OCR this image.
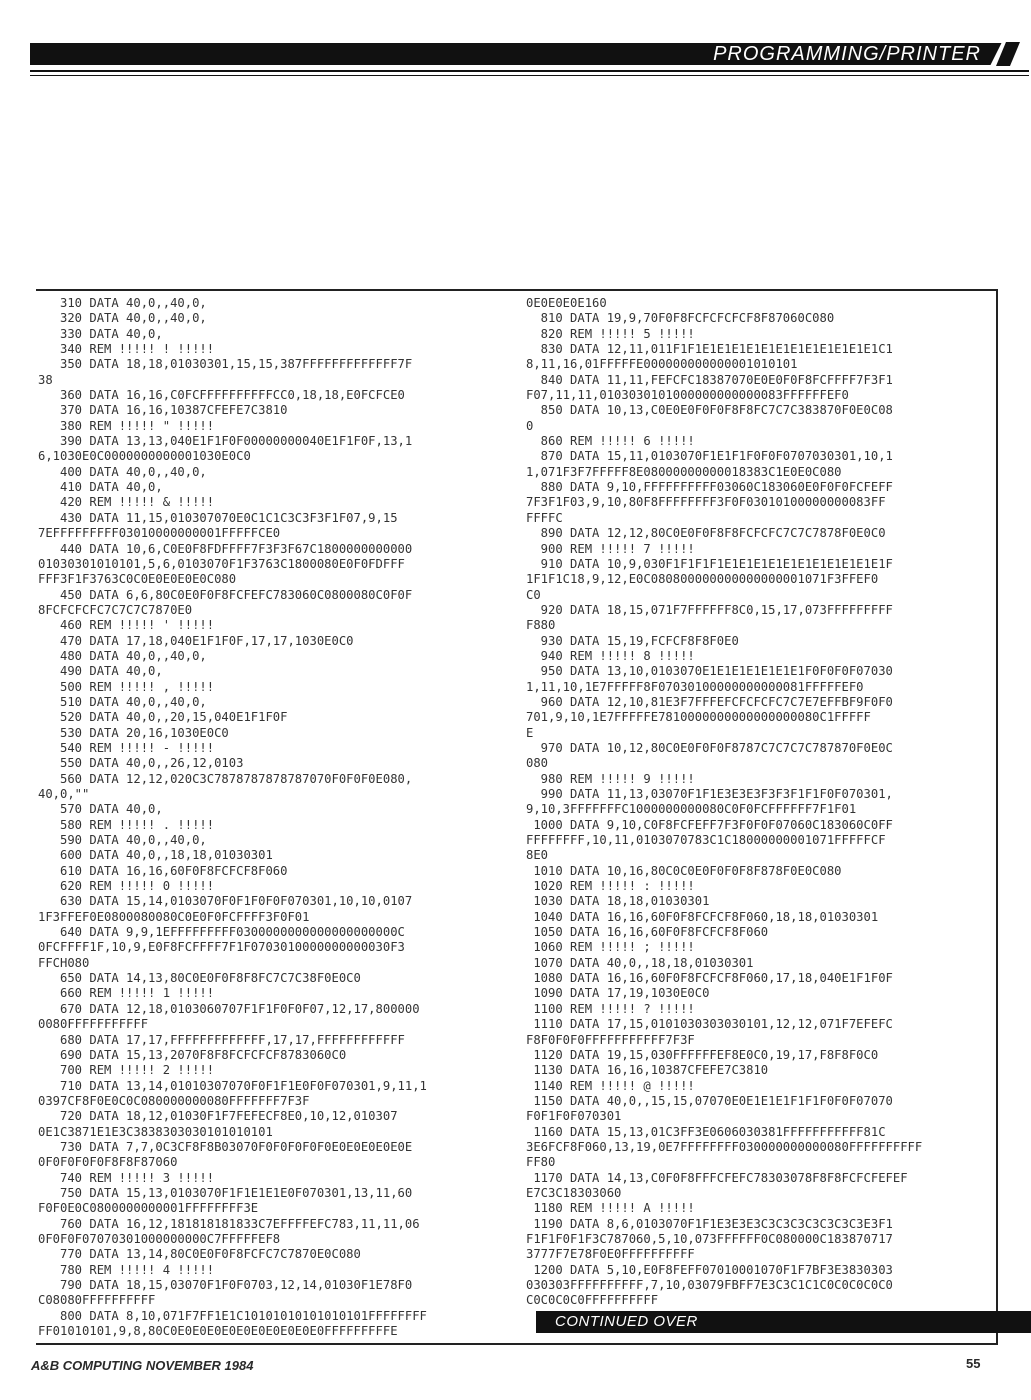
PROGRAMMING/PRINTER
310 DATA 40,0,,40,0,
320 DATA 40,0,,40,0,
330 DATA 40,0,
340 REM !!!!! ! !!!!!
350 DATA 18,18,01030301,15,15,387FFFFFFFFFFFFF7F
38
360 DATA 16,16,C0FCFFFFFFFFFFCC0,18,18,E0FCFCE0
370 DATA 16,16,10387CFEFE7C3810
380 REM !!!!! " !!!!!
390 DATA 13,13,040E1F1F0F00000000040E1F1F0F,13,1
6,1030E0C0000000000001030E0C0
400 DATA 40,0,,40,0,
410 DATA 40,0,
420 REM !!!!! & !!!!!
430 DATA 11,15,010307070E0C1C1C3C3F3F1F07,9,15
7EFFFFFFFFF03010000000001FFFFFCE0
440 DATA 10,6,C0E0F8FDFFFF7F3F3F67C1800000000000
01030301010101,5,6,0103070F1F3763C1800080E0F0FDFFF
FFF3F1F3763C0C0E0E0E0E0C080
450 DATA 6,6,80C0E0F0F8FCFEFC783060C0800080C0F0F
8FCFCFCFC7C7C7C7870E0
460 REM !!!!! ' !!!!!
470 DATA 17,18,040E1F1F0F,17,17,1030E0C0
480 DATA 40,0,,40,0,
490 DATA 40,0,
500 REM !!!!! , !!!!!
510 DATA 40,0,,40,0,
520 DATA 40,0,,20,15,040E1F1F0F
530 DATA 20,16,1030E0C0
540 REM !!!!! - !!!!!
550 DATA 40,0,,26,12,0103
560 DATA 12,12,020C3C7878787878787070F0F0F0E080,
40,0,""
570 DATA 40,0,
580 REM !!!!! . !!!!!
590 DATA 40,0,,40,0,
600 DATA 40,0,,18,18,01030301
610 DATA 16,16,60F0F8FCFCF8F060
620 REM !!!!! 0 !!!!!
630 DATA 15,14,0103070F0F1F0F0F070301,10,10,0107
1F3FFEF0E0800080080C0E0F0FCFFFF3F0F01
640 DATA 9,9,1EFFFFFFFFF0300000000000000000000C
0FCFFFF1F,10,9,E0F8FCFFFF7F1F0703010000000000030F3
FFCH080
650 DATA 14,13,80C0E0F0F8F8FC7C7C38F0E0C0
660 REM !!!!! 1 !!!!!
670 DATA 12,18,0103060707F1F1F0F0F07,12,17,800000
0080FFFFFFFFFFF
680 DATA 17,17,FFFFFFFFFFFFF,17,17,FFFFFFFFFFFF
690 DATA 15,13,2070F8F8FCFCFCF8783060C0
700 REM !!!!! 2 !!!!!
710 DATA 13,14,01010307070F0F1F1E0F0F070301,9,11,1
0397CF8F0E0C0C080000000080FFFFFFF7F3F
720 DATA 18,12,01030F1F7FEFECF8E0,10,12,010307
0E1C3871E1E3C3838303030101010101
730 DATA 7,7,0C3CF8F8B03070F0F0F0F0F0E0E0E0E0E0E
0F0F0F0F0F8F8F87060
740 REM !!!!! 3 !!!!!
750 DATA 15,13,0103070F1F1E1E1E0F070301,13,11,60
F0F0E0C0800000000001FFFFFFFF3E
760 DATA 16,12,181818181833C7EFFFFEFC783,11,11,06
0F0F0F07070301000000000C7FFFFFEF8
770 DATA 13,14,80C0E0F0F8FCFC7C7870E0C080
780 REM !!!!! 4 !!!!!
790 DATA 18,15,03070F1F0F0703,12,14,01030F1E78F0
C08080FFFFFFFFFF
800 DATA 8,10,071F7FF1E1C10101010101010101FFFFFFFF
FF01010101,9,8,80C0E0E0E0E0E0E0E0E0E0E0FFFFFFFFFE
0E0E0E0E160
810 DATA 19,9,70F0F8FCFCFCFCF8F87060C080
820 REM !!!!! 5 !!!!!
830 DATA 12,11,011F1F1E1E1E1E1E1E1E1E1E1E1E1E1C1
8,11,16,01FFFFFE000000000000001010101
840 DATA 11,11,FEFCFC18387070E0E0F0F8FCFFFF7F3F1
F07,11,11,0103030101000000000000083FFFFFFEF0
850 DATA 10,13,C0E0E0F0F0F8F8FC7C7C383870F0E0C08
0
860 REM !!!!! 6 !!!!!
870 DATA 15,11,0103070F1E1F1F0F0F0707030301,10,1
1,071F3F7FFFFF8E08000000000018383C1E0E0C080
880 DATA 9,10,FFFFFFFFFF03060C183060E0F0F0FCFEFF
7F3F1F03,9,10,80F8FFFFFFFF3F0F03010100000000083FF
FFFFC
890 DATA 12,12,80C0E0F0F8F8FCFCFC7C7C7878F0E0C0
900 REM !!!!! 7 !!!!!
910 DATA 10,9,030F1F1F1F1E1E1E1E1E1E1E1E1E1E1E1F
1F1F1C18,9,12,E0C080800000000000000001071F3FFEF0
C0
920 DATA 18,15,071F7FFFFFF8C0,15,17,073FFFFFFFFF
F880
930 DATA 15,19,FCFCF8F8F0E0
940 REM !!!!! 8 !!!!!
950 DATA 13,10,0103070E1E1E1E1E1E1E1F0F0F0F07030
1,11,10,1E7FFFFF8F07030100000000000081FFFFFEF0
960 DATA 12,10,81E3F7FFFEFCFCFCFC7C7E7EFFBF9F0F0
701,9,10,1E7FFFFFE7810000000000000000080C1FFFFF
E
970 DATA 10,12,80C0E0F0F0F8787C7C7C7C787870F0E0C
080
980 REM !!!!! 9 !!!!!
990 DATA 11,13,03070F1F1E3E3E3F3F3F1F1F0F070301,
9,10,3FFFFFFFC1000000000080C0F0FCFFFFFF7F1F01
1000 DATA 9,10,C0F8FCFEFF7F3F0F0F07060C183060C0FF
FFFFFFFF,10,11,0103070783C1C18000000001071FFFFFCF
8E0
1010 DATA 10,16,80C0C0E0F0F0F8F878F0E0C080
1020 REM !!!!! : !!!!!
1030 DATA 18,18,01030301
1040 DATA 16,16,60F0F8FCFCF8F060,18,18,01030301
1050 DATA 16,16,60F0F8FCFCF8F060
1060 REM !!!!! ; !!!!!
1070 DATA 40,0,,18,18,01030301
1080 DATA 16,16,60F0F8FCFCF8F060,17,18,040E1F1F0F
1090 DATA 17,19,1030E0C0
1100 REM !!!!! ? !!!!!
1110 DATA 17,15,0101030303030101,12,12,071F7EFEFC
F8F0F0F0FFFFFFFFFFF7F3F
1120 DATA 19,15,030FFFFFFEF8E0C0,19,17,F8F8F0C0
1130 DATA 16,16,10387CFEFE7C3810
1140 REM !!!!! @ !!!!!
1150 DATA 40,0,,15,15,07070E0E1E1E1F1F1F0F0F07070
F0F1F0F070301
1160 DATA 15,13,01C3FF3E0606030381FFFFFFFFFFF81C
3E6FCF8F060,13,19,0E7FFFFFFFF030000000000080FFFFFFFFFF
FF80
1170 DATA 14,13,C0F0F8FFFCFEFC78303078F8F8FCFCFEFEF
E7C3C18303060
1180 REM !!!!! A !!!!!
1190 DATA 8,6,0103070F1F1E3E3E3C3C3C3C3C3C3C3E3F1
F1F1F0F1F3C787060,5,10,073FFFFFF0C080000C183870717
3777F7E78F0E0FFFFFFFFFF
1200 DATA 5,10,E0F8FEFF07010001070F1F7BF3E3830303
030303FFFFFFFFFF,7,10,03079FBFF7E3C3C1C1C0C0C0C0C0
C0C0C0C0FFFFFFFFFF
CONTINUED OVER
A&B COMPUTING NOVEMBER 1984	55
